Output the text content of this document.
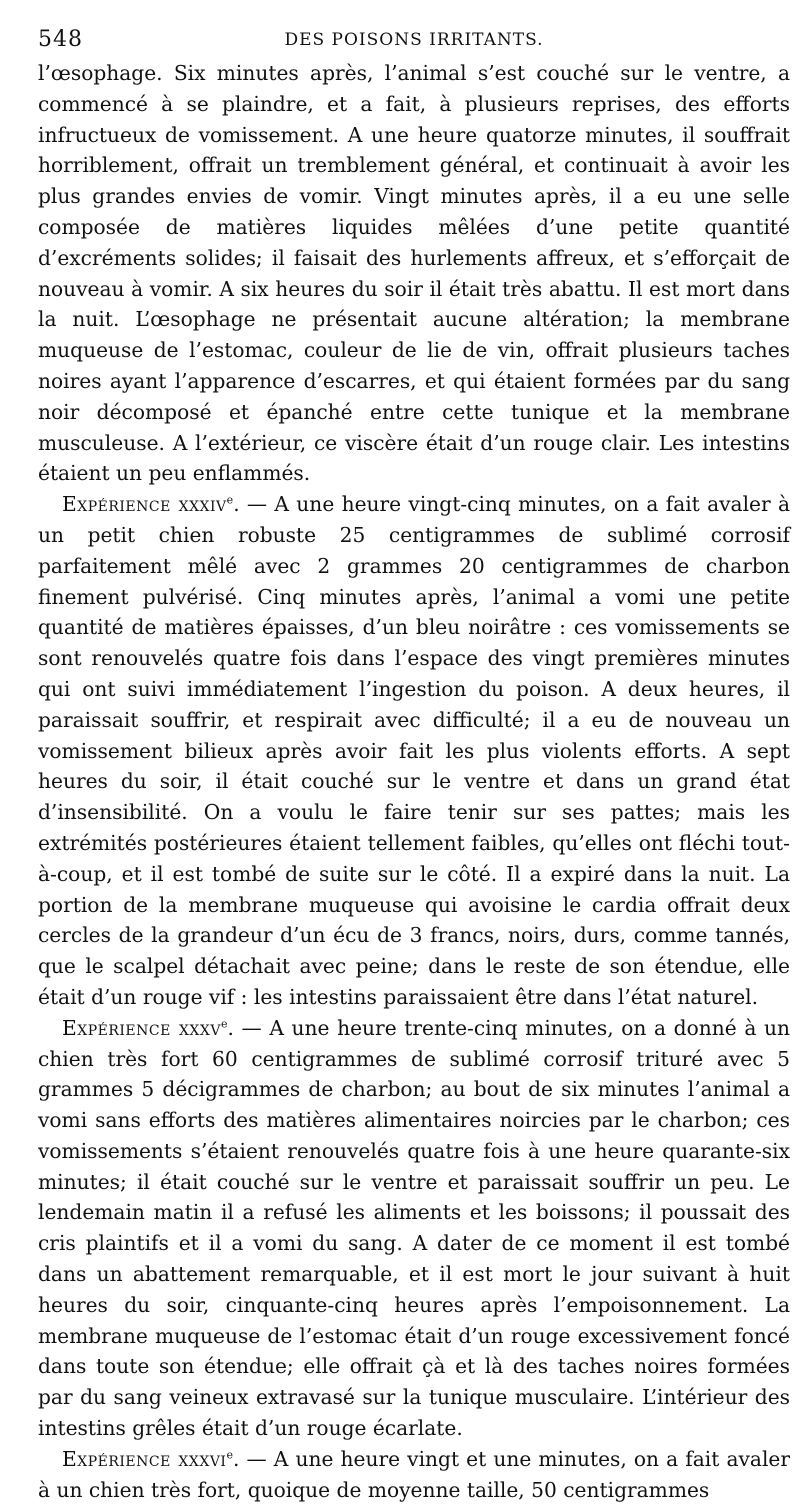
548	DES POISONS IRRITANTS.

l’œsophage. Six minutes après, l’animal s’est couché sur le ventre, a commencé à se plaindre, et a fait, à plusieurs reprises, des efforts infructueux de vomissement. A une heure quatorze minutes, il souffrait horriblement, offrait un tremblement général, et continuait à avoir les plus grandes envies de vomir. Vingt minutes après, il a eu une selle composée de matières liquides mêlées d’une petite quantité d’excréments solides; il faisait des hurlements affreux, et s’efforçait de nouveau à vomir. A six heures du soir il était très abattu. Il est mort dans la nuit. L’œsophage ne présentait aucune altération; la membrane muqueuse de l’estomac, couleur de lie de vin, offrait plusieurs taches noires ayant l’apparence d’escarres, et qui étaient formées par du sang noir décomposé et épanché entre cette tunique et la membrane musculeuse. A l’extérieur, ce viscère était d’un rouge clair. Les intestins étaient un peu enflammés.

Expérience xxxiv$^e$. — A une heure vingt-cinq minutes, on a fait avaler à un petit chien robuste 25 centigrammes de sublimé corrosif parfaitement mêlé avec 2 grammes 20 centigrammes de charbon finement pulvérisé. Cinq minutes après, l’animal a vomi une petite quantité de matières épaisses, d’un bleu noirâtre : ces vomissements se sont renouvelés quatre fois dans l’espace des vingt premières minutes qui ont suivi immédiatement l’ingestion du poison. A deux heures, il paraissait souffrir, et respirait avec difficulté; il a eu de nouveau un vomissement bilieux après avoir fait les plus violents efforts. A sept heures du soir, il était couché sur le ventre et dans un grand état d’insensibilité. On a voulu le faire tenir sur ses pattes; mais les extrémités postérieures étaient tellement faibles, qu’elles ont fléchi tout-à-coup, et il est tombé de suite sur le côté. Il a expiré dans la nuit. La portion de la membrane muqueuse qui avoisine le cardia offrait deux cercles de la grandeur d’un écu de 3 francs, noirs, durs, comme tannés, que le scalpel détachait avec peine; dans le reste de son étendue, elle était d’un rouge vif : les intestins paraissaient être dans l’état naturel.

Expérience xxxv$^e$. — A une heure trente-cinq minutes, on a donné à un chien très fort 60 centigrammes de sublimé corrosif trituré avec 5 grammes 5 décigrammes de charbon; au bout de six minutes l’animal a vomi sans efforts des matières alimentaires noircies par le charbon; ces vomissements s’étaient renouvelés quatre fois à une heure quarante-six minutes; il était couché sur le ventre et paraissait souffrir un peu. Le lendemain matin il a refusé les aliments et les boissons; il poussait des cris plaintifs et il a vomi du sang. A dater de ce moment il est tombé dans un abattement remarquable, et il est mort le jour suivant à huit heures du soir, cinquante-cinq heures après l’empoisonnement. La membrane muqueuse de l’estomac était d’un rouge excessivement foncé dans toute son étendue; elle offrait çà et là des taches noires formées par du sang veineux extravasé sur la tunique musculaire. L’intérieur des intestins grêles était d’un rouge écarlate.

Expérience xxxvi$^e$. — A une heure vingt et une minutes, on a fait avaler à un chien très fort, quoique de moyenne taille, 50 centigrammes
